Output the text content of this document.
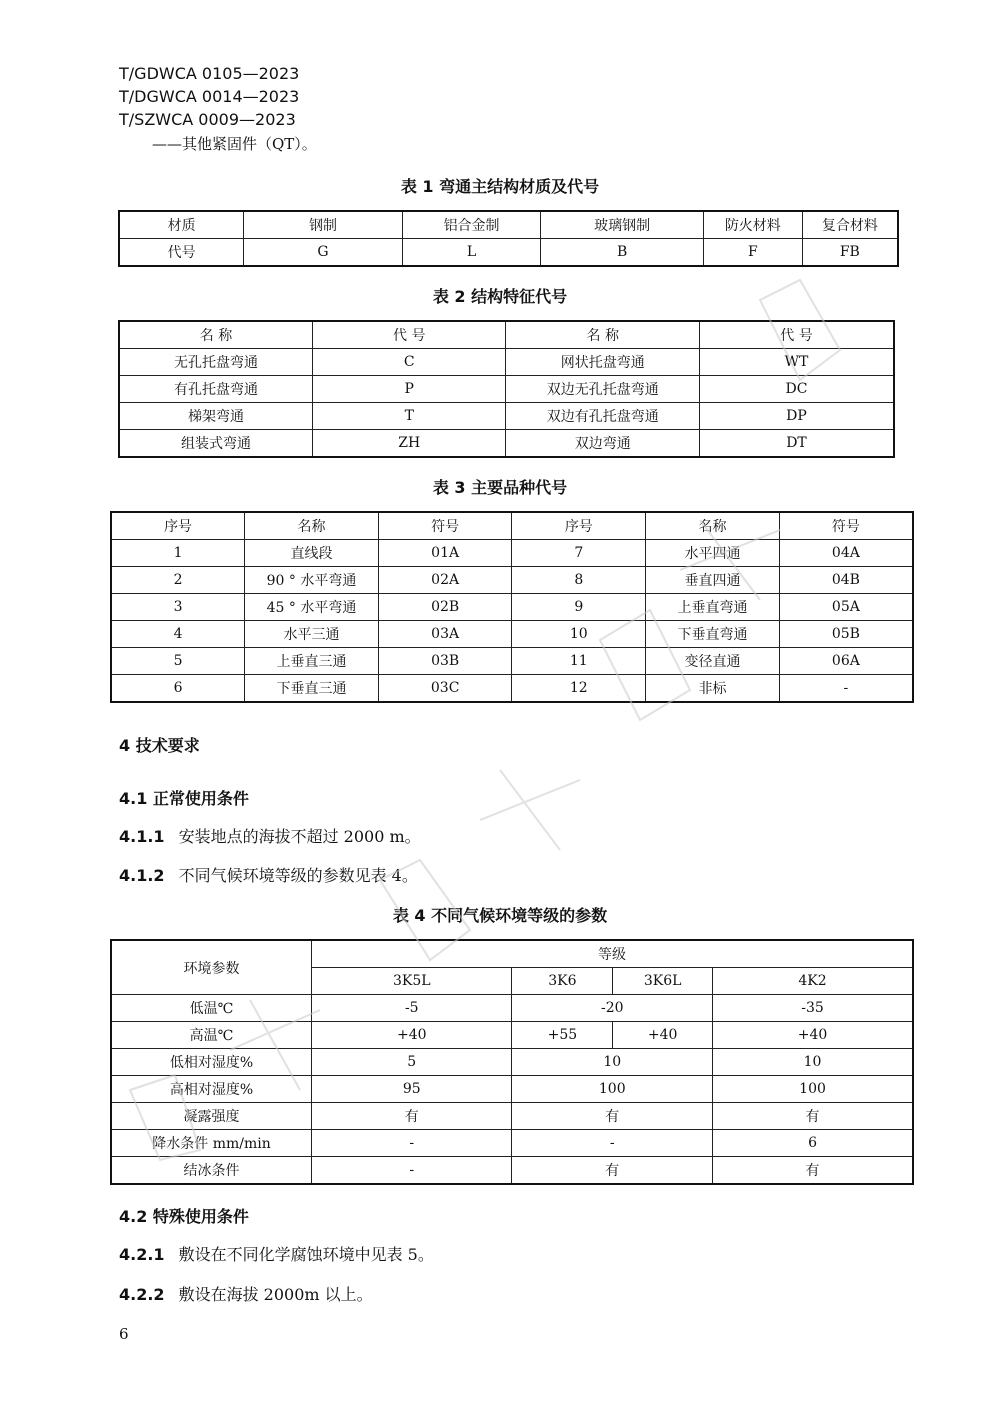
T/GDWCA 0105—2023
T/DGWCA 0014—2023
T/SZWCA 0009—2023
——其他紧固件（QT）。
表 1 弯通主结构材质及代号
材质	钢制	铝合金制	玻璃钢制	防火材料	复合材料
代号	G	L	B	F	FB
表 2 结构特征代号
名 称	代 号	名 称	代 号
无孔托盘弯通	C	网状托盘弯通	WT
有孔托盘弯通	P	双边无孔托盘弯通	DC
梯架弯通	T	双边有孔托盘弯通	DP
组装式弯通	ZH	双边弯通	DT
表 3 主要品种代号
序号	名称	符号	序号	名称	符号
1	直线段	01A	7	水平四通	04A
2	90 ° 水平弯通	02A	8	垂直四通	04B
3	45 ° 水平弯通	02B	9	上垂直弯通	05A
4	水平三通	03A	10	下垂直弯通	05B
5	上垂直三通	03B	11	变径直通	06A
6	下垂直三通	03C	12	非标	-
4 技术要求
4.1 正常使用条件
4.1.1 安装地点的海拔不超过 2000 m。
4.1.2 不同气候环境等级的参数见表 4。
表 4 不同气候环境等级的参数
环境参数	等级			
	3K5L	3K6	3K6L	4K2
低温℃	-5	-20		-35
高温℃	+40	+55	+40	+40
低相对湿度%	5	10		10
高相对湿度%	95	100		100
凝露强度	有	有		有
降水条件 mm/min	-	-		6
结冰条件	-	有		有
4.2 特殊使用条件
4.2.1 敷设在不同化学腐蚀环境中见表 5。
4.2.2 敷设在海拔 2000m 以上。
6
